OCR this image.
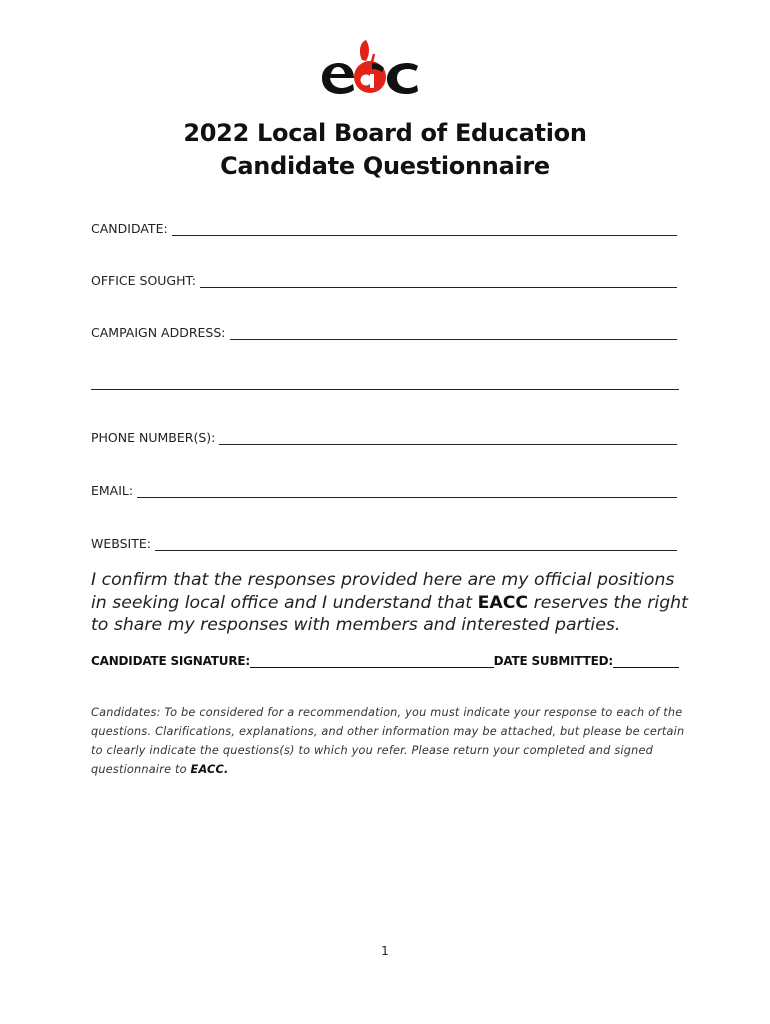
2022 Local Board of Education
Candidate Questionnaire
CANDIDATE:
OFFICE SOUGHT:
CAMPAIGN ADDRESS:
PHONE NUMBER(S):
EMAIL:
WEBSITE:
I confirm that the responses provided here are my official positions in seeking local office and I understand that EACC reserves the right to share my responses with members and interested parties.
CANDIDATE SIGNATURE:	DATE SUBMITTED:
Candidates: To be considered for a recommendation, you must indicate your response to each of the questions. Clarifications, explanations, and other information may be attached, but please be certain to clearly indicate the questions(s) to which you refer. Please return your completed and signed questionnaire to EACC.
1
